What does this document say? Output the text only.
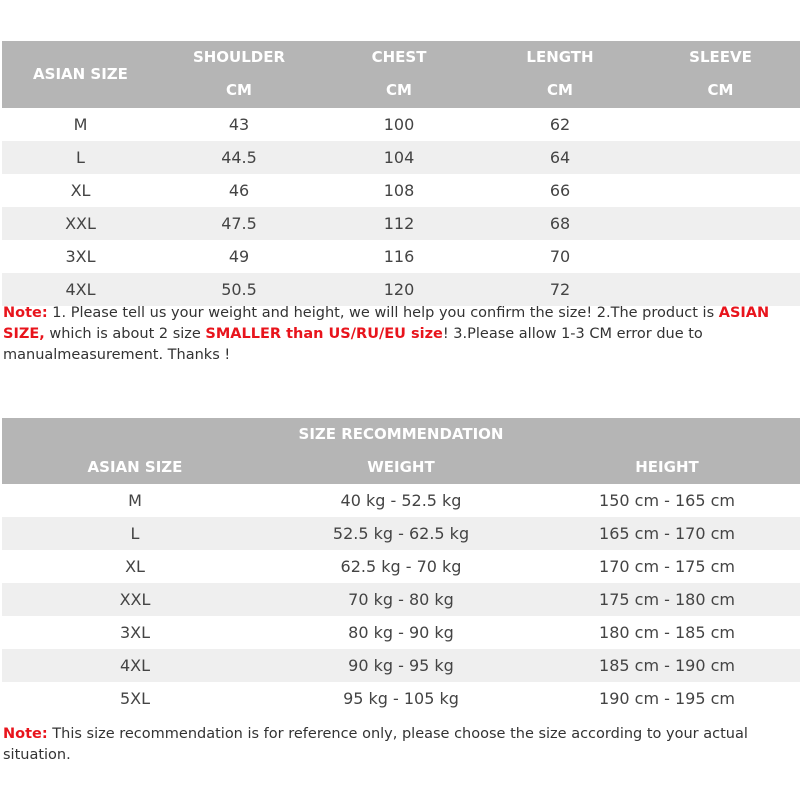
ASIAN SIZE
SHOULDER	CHEST	LENGTH	SLEEVE
CM	CM	CM	CM
M	43	100	62
L	44.5	104	64
XL	46	108	66
XXL	47.5	112	68
3XL	49	116	70
4XL	50.5	120	72
Note: 1. Please tell us your weight and height, we will help you confirm the size! 2.The product is ASIAN SIZE, which is about 2 size SMALLER than US/RU/EU size! 3.Please allow 1-3 CM error due to manualmeasurement. Thanks !
SIZE RECOMMENDATION
ASIAN SIZE	WEIGHT	HEIGHT
M	40 kg - 52.5 kg	150 cm - 165 cm
L	52.5 kg - 62.5 kg	165 cm - 170 cm
XL	62.5 kg - 70 kg	170 cm - 175 cm
XXL	70 kg - 80 kg	175 cm - 180 cm
3XL	80 kg - 90 kg	180 cm - 185 cm
4XL	90 kg - 95 kg	185 cm - 190 cm
5XL	95 kg - 105 kg	190 cm - 195 cm
Note: This size recommendation is for reference only, please choose the size according to your actual situation.
